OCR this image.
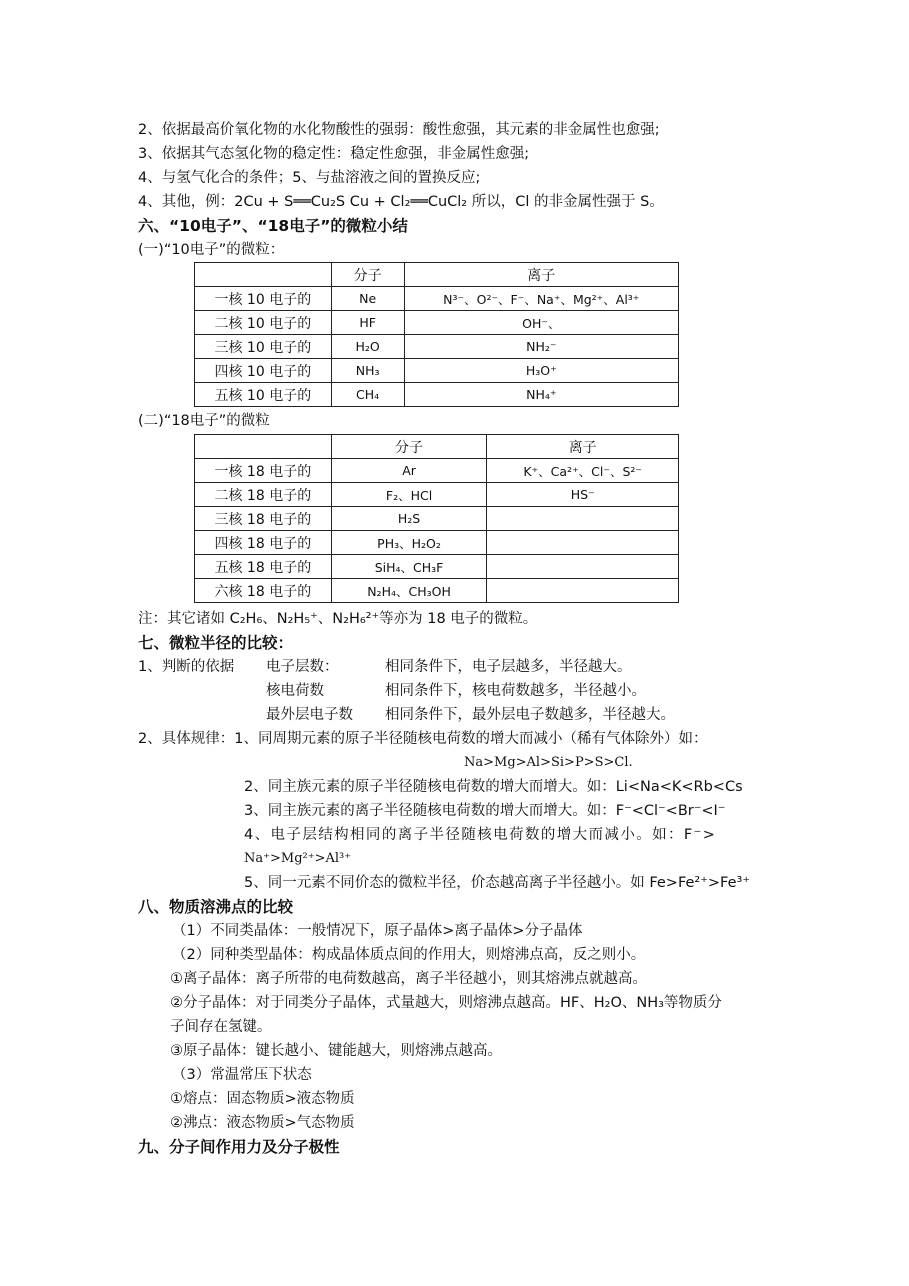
2、依据最高价氧化物的水化物酸性的强弱：酸性愈强，其元素的非金属性也愈强;
3、依据其气态氢化物的稳定性：稳定性愈强，非金属性愈强;
4、与氢气化合的条件；5、与盐溶液之间的置换反应;
4、其他，例：2Cu + S══Cu₂S Cu + Cl₂══CuCl₂ 所以，Cl 的非金属性强于 S。
六、“10电子”、“18电子”的微粒小结
(一)“10电子”的微粒：
	分子	离子
一核 10 电子的	Ne	N³⁻、O²⁻、F⁻、Na⁺、Mg²⁺、Al³⁺
二核 10 电子的	HF	OH⁻、
三核 10 电子的	H₂O	NH₂⁻
四核 10 电子的	NH₃	H₃O⁺
五核 10 电子的	CH₄	NH₄⁺
(二)“18电子”的微粒
	分子	离子
一核 18 电子的	Ar	K⁺、Ca²⁺、Cl⁻、S²⁻
二核 18 电子的	F₂、HCl	HS⁻
三核 18 电子的	H₂S	
四核 18 电子的	PH₃、H₂O₂	
五核 18 电子的	SiH₄、CH₃F	
六核 18 电子的	N₂H₄、CH₃OH	
注：其它诸如 C₂H₆、N₂H₅⁺、N₂H₆²⁺等亦为 18 电子的微粒。
七、微粒半径的比较：
1、判断的依据 电子层数：	相同条件下，电子层越多，半径越大。
核电荷数	相同条件下，核电荷数越多，半径越小。
最外层电子数 相同条件下，最外层电子数越多，半径越大。
2、具体规律：1、同周期元素的原子半径随核电荷数的增大而减小（稀有气体除外）如：
Na>Mg>Al>Si>P>S>Cl.
2、同主族元素的原子半径随核电荷数的增大而增大。如：Li<Na<K<Rb<Cs
3、同主族元素的离子半径随核电荷数的增大而增大。如：F⁻<Cl⁻<Br⁻<I⁻
4、电子层结构相同的离子半径随核电荷数的增大而减小。如：F⁻>
Na⁺>Mg²⁺>Al³⁺
5、同一元素不同价态的微粒半径，价态越高离子半径越小。如 Fe>Fe²⁺>Fe³⁺
八、物质溶沸点的比较
（1）不同类晶体：一般情况下，原子晶体>离子晶体>分子晶体
（2）同种类型晶体：构成晶体质点间的作用大，则熔沸点高，反之则小。
①离子晶体：离子所带的电荷数越高，离子半径越小，则其熔沸点就越高。
②分子晶体：对于同类分子晶体，式量越大，则熔沸点越高。HF、H₂O、NH₃等物质分
子间存在氢键。
③原子晶体：键长越小、键能越大，则熔沸点越高。
（3）常温常压下状态
①熔点：固态物质>液态物质
②沸点：液态物质>气态物质
九、分子间作用力及分子极性
